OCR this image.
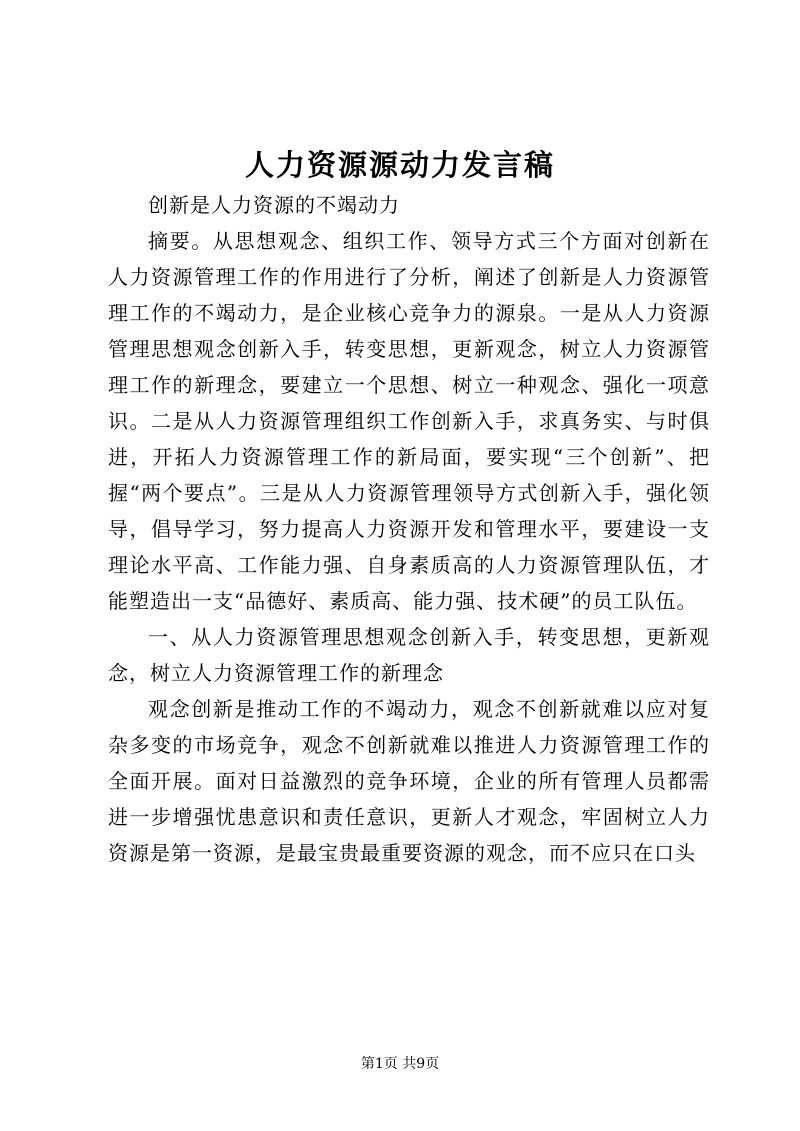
人力资源源动力发言稿

创新是人力资源的不竭动力

摘要。从思想观念、组织工作、领导方式三个方面对创新在人力资源管理工作的作用进行了分析，阐述了创新是人力资源管理工作的不竭动力，是企业核心竞争力的源泉。一是从人力资源管理思想观念创新入手，转变思想，更新观念，树立人力资源管理工作的新理念，要建立一个思想、树立一种观念、强化一项意识。二是从人力资源管理组织工作创新入手，求真务实、与时俱进，开拓人力资源管理工作的新局面，要实现“三个创新”、把握“两个要点”。三是从人力资源管理领导方式创新入手，强化领导，倡导学习，努力提高人力资源开发和管理水平，要建设一支理论水平高、工作能力强、自身素质高的人力资源管理队伍，才能塑造出一支“品德好、素质高、能力强、技术硬”的员工队伍。

一、从人力资源管理思想观念创新入手，转变思想，更新观念，树立人力资源管理工作的新理念

观念创新是推动工作的不竭动力，观念不创新就难以应对复杂多变的市场竞争，观念不创新就难以推进人力资源管理工作的全面开展。面对日益激烈的竞争环境，企业的所有管理人员都需进一步增强忧患意识和责任意识，更新人才观念，牢固树立人力资源是第一资源，是最宝贵最重要资源的观念，而不应只在口头

第1页 共9页
